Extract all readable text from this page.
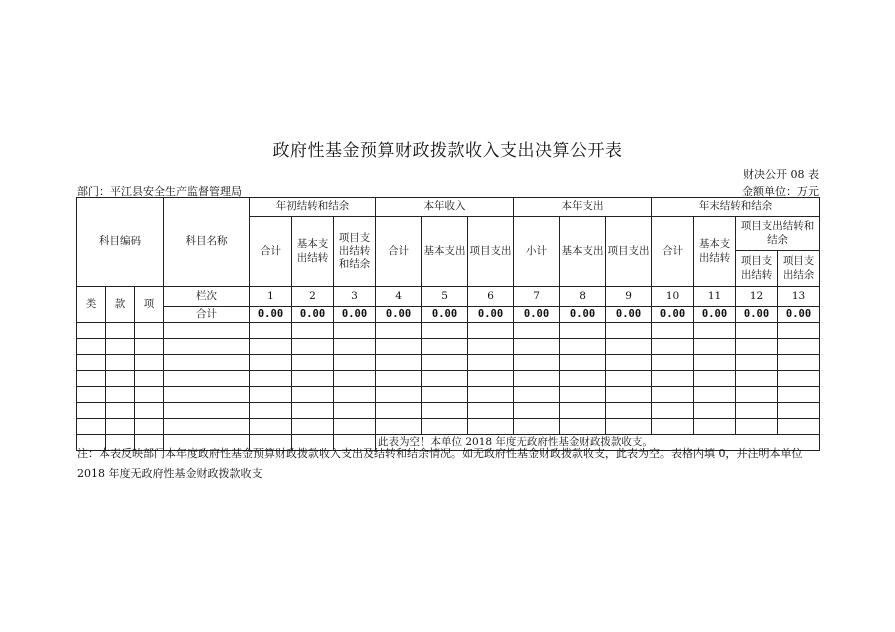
政府性基金预算财政拨款收入支出决算公开表
财决公开 08 表
部门：平江县安全生产监督管理局	金额单位：万元
科目编码			科目名称	年初结转和结余			本年收入			本年支出			年末结转和结余			
				合计	基本支出结转	项目支出结转和结余	合计	基本支出	项目支出	小计	基本支出	项目支出	合计	基本支出结转	项目支出结转和结余	
															项目支出结转	项目支出结余
类	款	项	栏次	1	2	3	4	5	6	7	8	9	10	11	12	13
			合计	0.00	0.00	0.00	0.00	0.00	0.00	0.00	0.00	0.00	0.00	0.00	0.00	0.00

							此表为空！本单位 2018 年度无政府性基金财政拨款收支。									
注：本表反映部门本年度政府性基金预算财政拨款收入支出及结转和结余情况。如无政府性基金财政拨款收支，此表为空。表格内填 0，并注明本单位 2018 年度无政府性基金财政拨款收支
